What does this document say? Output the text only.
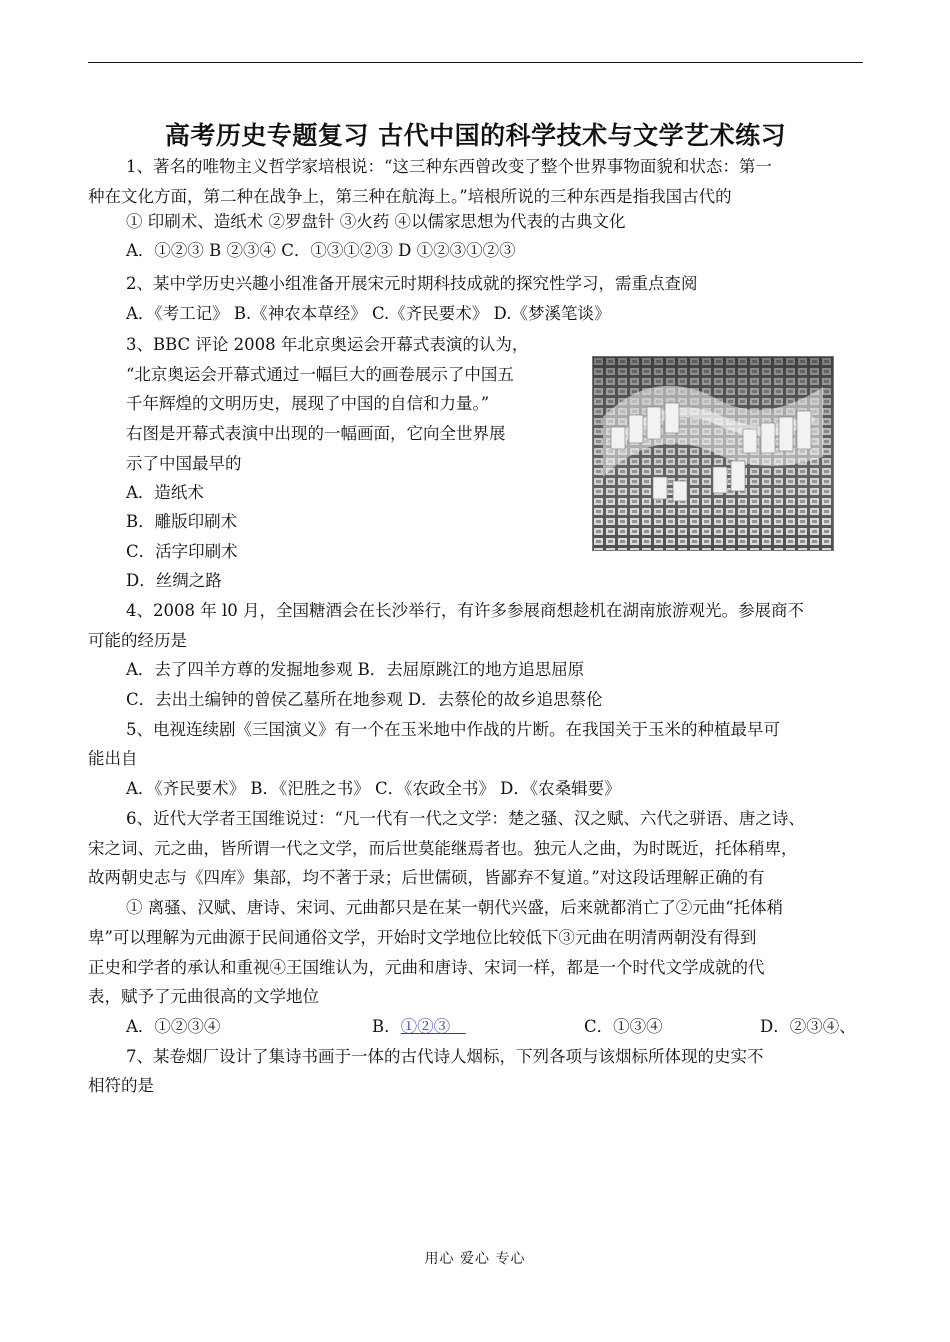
高考历史专题复习 古代中国的科学技术与文学艺术练习
1、著名的唯物主义哲学家培根说：“这三种东西曾改变了整个世界事物面貌和状态：第一
种在文化方面，第二种在战争上，第三种在航海上。”培根所说的三种东西是指我国古代的
① 印刷术、造纸术 ②罗盘针 ③火药 ④以儒家思想为代表的古典文化
A．①②③ B ②③④ C．①③①②③ D ①②③①②③
2、某中学历史兴趣小组准备开展宋元时期科技成就的探究性学习，需重点查阅
A．《考工记》 B.《神农本草经》 C.《齐民要术》 D.《梦溪笔谈》
3、BBC 评论 2008 年北京奥运会开幕式表演的认为，
“北京奥运会开幕式通过一幅巨大的画卷展示了中国五
千年辉煌的文明历史，展现了中国的自信和力量。”
右图是开幕式表演中出现的一幅画面，它向全世界展
示了中国最早的
A．造纸术
B．雕版印刷术
C．活字印刷术
D．丝绸之路
4、2008 年 l0 月，全国糖酒会在长沙举行，有许多参展商想趁机在湖南旅游观光。参展商不
可能的经历是
A．去了四羊方尊的发掘地参观 B．去屈原跳江的地方追思屈原
C．去出土编钟的曾侯乙墓所在地参观 D．去蔡伦的故乡追思蔡伦
5、电视连续剧《三国演义》有一个在玉米地中作战的片断。在我国关于玉米的种植最早可
能出自
A．《齐民要术》 B．《汜胜之书》 C．《农政全书》 D．《农桑辑要》
6、近代大学者王国维说过：“凡一代有一代之文学：楚之骚、汉之赋、六代之骈语、唐之诗、
宋之词、元之曲，皆所谓一代之文学，而后世莫能继焉者也。独元人之曲，为时既近，托体稍卑，
故两朝史志与《四库》集部，均不著于录；后世儒硕，皆鄙弃不复道。”对这段话理解正确的有
① 离骚、汉赋、唐诗、宋词、元曲都只是在某一朝代兴盛，后来就都消亡了②元曲“托体稍
卑”可以理解为元曲源于民间通俗文学，开始时文学地位比较低下③元曲在明清两朝没有得到
正史和学者的承认和重视④王国维认为，元曲和唐诗、宋词一样，都是一个时代文学成就的代
表，赋予了元曲很高的文学地位
A．①②③④	B．①②③	C．①③④	D．②③④、
7、某卷烟厂设计了集诗书画于一体的古代诗人烟标，下列各项与该烟标所体现的史实不
相符的是
用心 爱心 专心
